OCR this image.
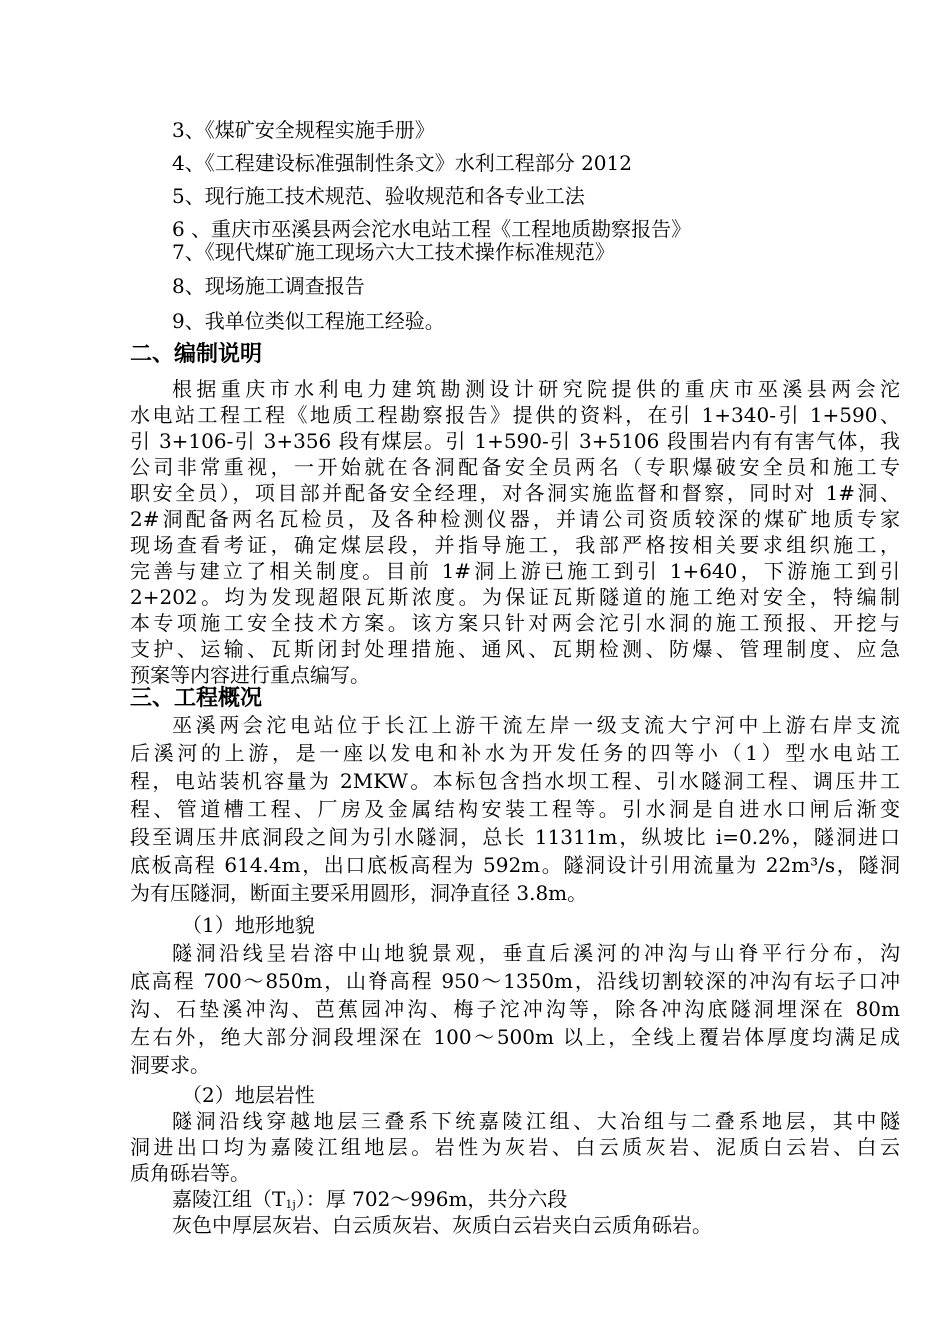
3、《煤矿安全规程实施手册》
4、《工程建设标准强制性条文》水利工程部分 2012
5、现行施工技术规范、验收规范和各专业工法
6 、重庆市巫溪县两会沱水电站工程《工程地质勘察报告》
7、《现代煤矿施工现场六大工技术操作标准规范》
8、现场施工调查报告
9、我单位类似工程施工经验。
二、编制说明
根据重庆市水利电力建筑勘测设计研究院提供的重庆市巫溪县两会沱
水电站工程工程《地质工程勘察报告》提供的资料，在引 1+340-引 1+590、
引 3+106-引 3+356 段有煤层。引 1+590-引 3+5106 段围岩内有有害气体，我
公司非常重视，一开始就在各洞配备安全员两名（专职爆破安全员和施工专
职安全员），项目部并配备安全经理，对各洞实施监督和督察，同时对 1#洞、
2#洞配备两名瓦检员，及各种检测仪器，并请公司资质较深的煤矿地质专家
现场查看考证，确定煤层段，并指导施工，我部严格按相关要求组织施工，
完善与建立了相关制度。目前 1#洞上游已施工到引 1+640，下游施工到引
2+202。均为发现超限瓦斯浓度。为保证瓦斯隧道的施工绝对安全，特编制
本专项施工安全技术方案。该方案只针对两会沱引水洞的施工预报、开挖与
支护、运输、瓦斯闭封处理措施、通风、瓦期检测、防爆、管理制度、应急
预案等内容进行重点编写。
三、工程概况
巫溪两会沱电站位于长江上游干流左岸一级支流大宁河中上游右岸支流
后溪河的上游，是一座以发电和补水为开发任务的四等小（1）型水电站工
程，电站装机容量为 2MKW。本标包含挡水坝工程、引水隧洞工程、调压井工
程、管道槽工程、厂房及金属结构安装工程等。引水洞是自进水口闸后渐变
段至调压井底洞段之间为引水隧洞，总长 11311m，纵坡比 i=0.2%，隧洞进口
底板高程 614.4m，出口底板高程为 592m。隧洞设计引用流量为 22m³/s，隧洞
为有压隧洞，断面主要采用圆形，洞净直径 3.8m。
（1）地形地貌
隧洞沿线呈岩溶中山地貌景观，垂直后溪河的冲沟与山脊平行分布，沟
底高程 700～850m，山脊高程 950～1350m，沿线切割较深的冲沟有坛子口冲
沟、石垫溪冲沟、芭蕉园冲沟、梅子沱冲沟等，除各冲沟底隧洞埋深在 80m
左右外，绝大部分洞段埋深在 100～500m 以上，全线上覆岩体厚度均满足成
洞要求。
（2）地层岩性
隧洞沿线穿越地层三叠系下统嘉陵江组、大冶组与二叠系地层，其中隧
洞进出口均为嘉陵江组地层。岩性为灰岩、白云质灰岩、泥质白云岩、白云
质角砾岩等。
嘉陵江组$(T_{1j})$：厚 702～996m，共分六段
灰色中厚层灰岩、白云质灰岩、灰质白云岩夹白云质角砾岩。
